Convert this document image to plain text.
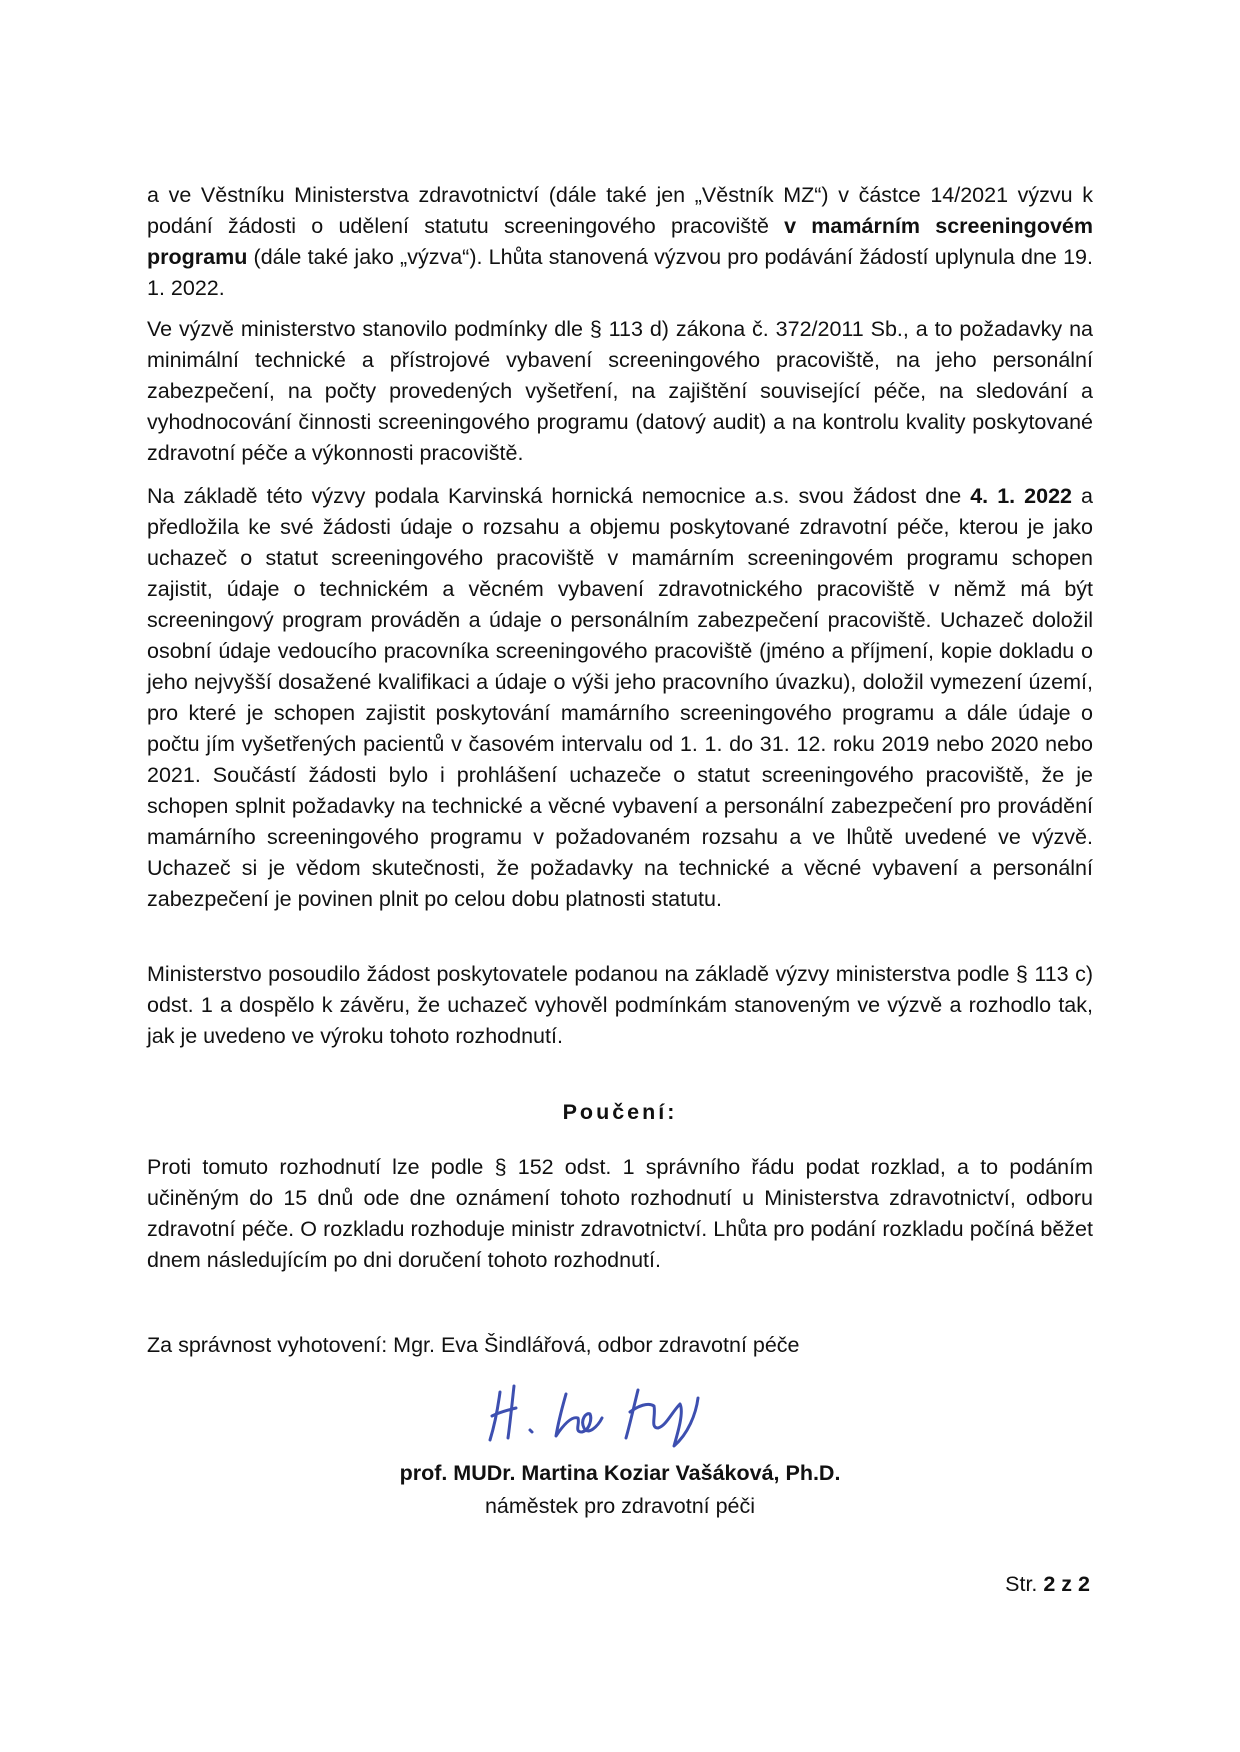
a ve Věstníku Ministerstva zdravotnictví (dále také jen „Věstník MZ“) v částce 14/2021 výzvu k podání žádosti o udělení statutu screeningového pracoviště v mamárním screeningovém programu (dále také jako „výzva“). Lhůta stanovená výzvou pro podávání žádostí uplynula dne 19. 1. 2022.

Ve výzvě ministerstvo stanovilo podmínky dle § 113 d) zákona č. 372/2011 Sb., a to požadavky na minimální technické a přístrojové vybavení screeningového pracoviště, na jeho personální zabezpečení, na počty provedených vyšetření, na zajištění související péče, na sledování a vyhodnocování činnosti screeningového programu (datový audit) a na kontrolu kvality poskytované zdravotní péče a výkonnosti pracoviště.

Na základě této výzvy podala Karvinská hornická nemocnice a.s. svou žádost dne 4. 1. 2022 a předložila ke své žádosti údaje o rozsahu a objemu poskytované zdravotní péče, kterou je jako uchazeč o statut screeningového pracoviště v mamárním screeningovém programu schopen zajistit, údaje o technickém a věcném vybavení zdravotnického pracoviště v němž má být screeningový program prováděn a údaje o personálním zabezpečení pracoviště. Uchazeč doložil osobní údaje vedoucího pracovníka screeningového pracoviště (jméno a příjmení, kopie dokladu o jeho nejvyšší dosažené kvalifikaci a údaje o výši jeho pracovního úvazku), doložil vymezení území, pro které je schopen zajistit poskytování mamárního screeningového programu a dále údaje o počtu jím vyšetřených pacientů v časovém intervalu od 1. 1. do 31. 12. roku 2019 nebo 2020 nebo 2021. Součástí žádosti bylo i prohlášení uchazeče o statut screeningového pracoviště, že je schopen splnit požadavky na technické a věcné vybavení a personální zabezpečení pro provádění mamárního screeningového programu v požadovaném rozsahu a ve lhůtě uvedené ve výzvě. Uchazeč si je vědom skutečnosti, že požadavky na technické a věcné vybavení a personální zabezpečení je povinen plnit po celou dobu platnosti statutu.

Ministerstvo posoudilo žádost poskytovatele podanou na základě výzvy ministerstva podle § 113 c) odst. 1 a dospělo k závěru, že uchazeč vyhověl podmínkám stanoveným ve výzvě a rozhodlo tak, jak je uvedeno ve výroku tohoto rozhodnutí.

Poučení:

Proti tomuto rozhodnutí lze podle § 152 odst. 1 správního řádu podat rozklad, a to podáním učiněným do 15 dnů ode dne oznámení tohoto rozhodnutí u Ministerstva zdravotnictví, odboru zdravotní péče. O rozkladu rozhoduje ministr zdravotnictví. Lhůta pro podání rozkladu počíná běžet dnem následujícím po dni doručení tohoto rozhodnutí.

Za správnost vyhotovení: Mgr. Eva Šindlářová, odbor zdravotní péče

prof. MUDr. Martina Koziar Vašáková, Ph.D.
náměstek pro zdravotní péči
Str. 2 z 2
